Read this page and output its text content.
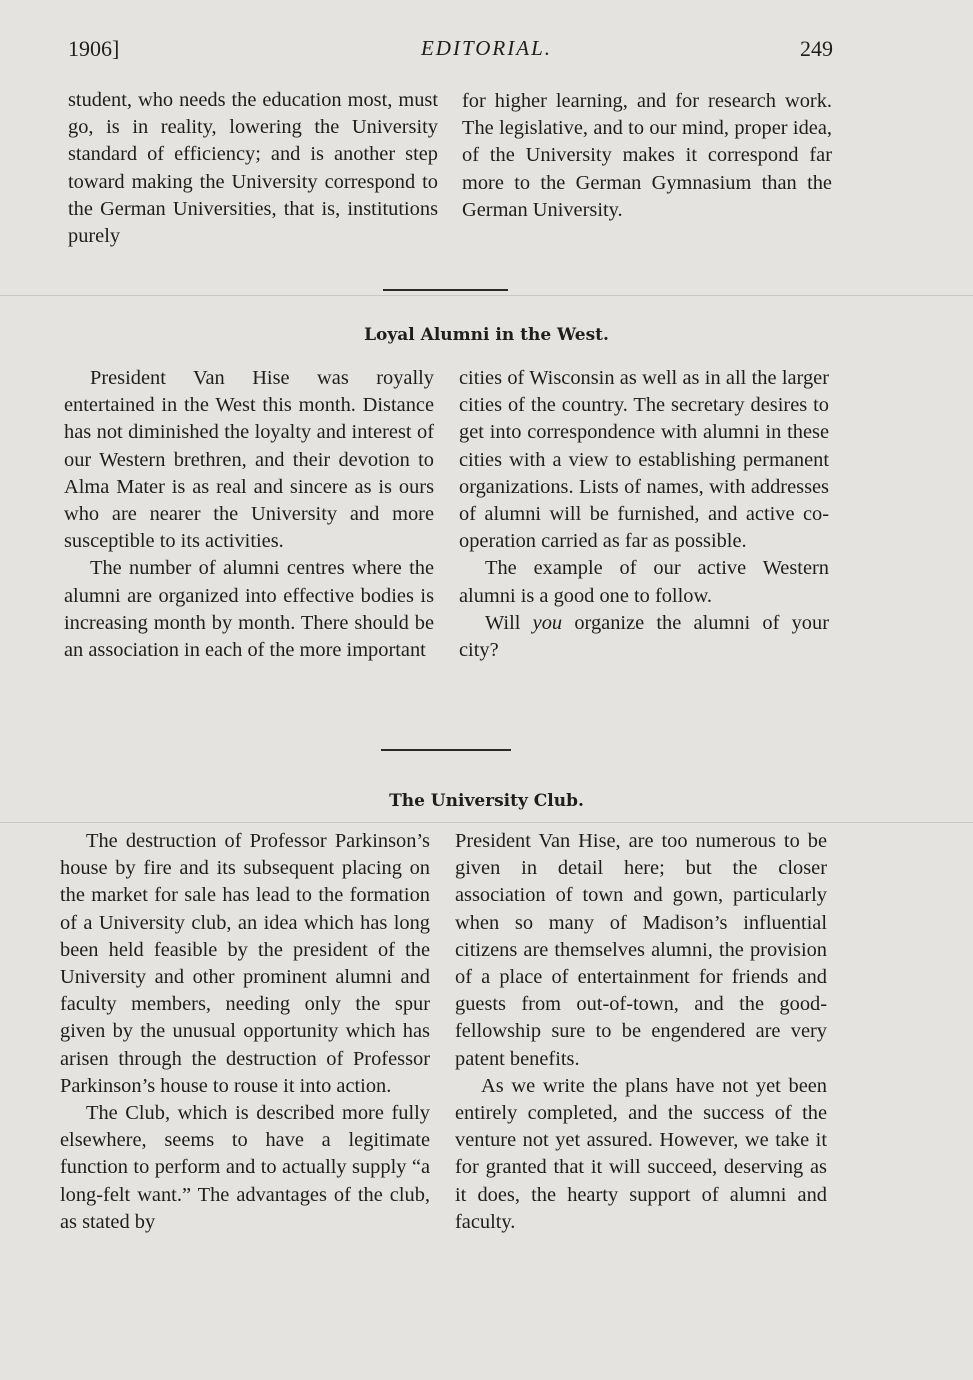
1906]	EDITORIAL.	249

student, who needs the education most, must go, is in reality, lowering the University standard of efficiency; and is another step toward making the University correspond to the German Universities, that is, institutions purely

for higher learning, and for research work. The legislative, and to our mind, proper idea, of the University makes it correspond far more to the German Gymnasium than the German University.

Loyal Alumni in the West.

President Van Hise was royally entertained in the West this month. Distance has not diminished the loyalty and interest of our Western brethren, and their devotion to Alma Mater is as real and sincere as is ours who are nearer the University and more susceptible to its activities.

The number of alumni centres where the alumni are organized into effective bodies is increasing month by month. There should be an association in each of the more important

cities of Wisconsin as well as in all the larger cities of the country. The secretary desires to get into correspondence with alumni in these cities with a view to establishing permanent organizations. Lists of names, with addresses of alumni will be furnished, and active co-operation carried as far as possible.

The example of our active Western alumni is a good one to follow.

Will you organize the alumni of your city?

The University Club.

The destruction of Professor Parkinson’s house by fire and its subsequent placing on the market for sale has lead to the formation of a University club, an idea which has long been held feasible by the president of the University and other prominent alumni and faculty members, needing only the spur given by the unusual opportunity which has arisen through the destruction of Professor Parkinson’s house to rouse it into action.

The Club, which is described more fully elsewhere, seems to have a legitimate function to perform and to actually supply “a long-felt want.” The advantages of the club, as stated by

President Van Hise, are too numerous to be given in detail here; but the closer association of town and gown, particularly when so many of Madison’s influential citizens are themselves alumni, the provision of a place of entertainment for friends and guests from out-of-town, and the good-fellowship sure to be engendered are very patent benefits.

As we write the plans have not yet been entirely completed, and the success of the venture not yet assured. However, we take it for granted that it will succeed, deserving as it does, the hearty support of alumni and faculty.
